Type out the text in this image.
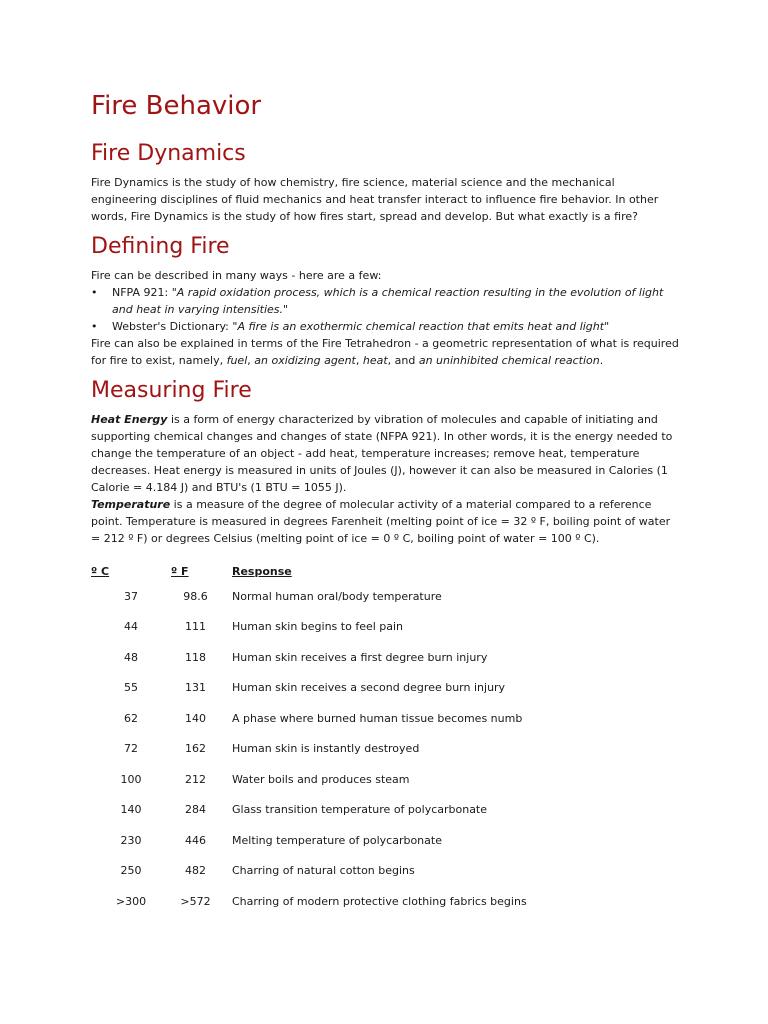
Fire Behavior
Fire Dynamics

Fire Dynamics is the study of how chemistry, fire science, material science and the mechanical engineering disciplines of fluid mechanics and heat transfer interact to influence fire behavior. In other words, Fire Dynamics is the study of how fires start, spread and develop. But what exactly is a fire?

Defining Fire

Fire can be described in many ways - here are a few:

• NFPA 921: "A rapid oxidation process, which is a chemical reaction resulting in the evolution of light and heat in varying intensities."
• Webster's Dictionary: "A fire is an exothermic chemical reaction that emits heat and light"

Fire can also be explained in terms of the Fire Tetrahedron - a geometric representation of what is required for fire to exist, namely, fuel, an oxidizing agent, heat, and an uninhibited chemical reaction.

Measuring Fire

Heat Energy is a form of energy characterized by vibration of molecules and capable of initiating and supporting chemical changes and changes of state (NFPA 921). In other words, it is the energy needed to change the temperature of an object - add heat, temperature increases; remove heat, temperature decreases. Heat energy is measured in units of Joules (J), however it can also be measured in Calories (1 Calorie = 4.184 J) and BTU's (1 BTU = 1055 J).

Temperature is a measure of the degree of molecular activity of a material compared to a reference point. Temperature is measured in degrees Farenheit (melting point of ice = 32 º F, boiling point of water = 212 º F) or degrees Celsius (melting point of ice = 0 º C, boiling point of water = 100 º C).

º C	º F	Response
37	98.6	Normal human oral/body temperature
44	111	Human skin begins to feel pain
48	118	Human skin receives a first degree burn injury
55	131	Human skin receives a second degree burn injury
62	140	A phase where burned human tissue becomes numb
72	162	Human skin is instantly destroyed
100	212	Water boils and produces steam
140	284	Glass transition temperature of polycarbonate
230	446	Melting temperature of polycarbonate
250	482	Charring of natural cotton begins
>300	>572	Charring of modern protective clothing fabrics begins
